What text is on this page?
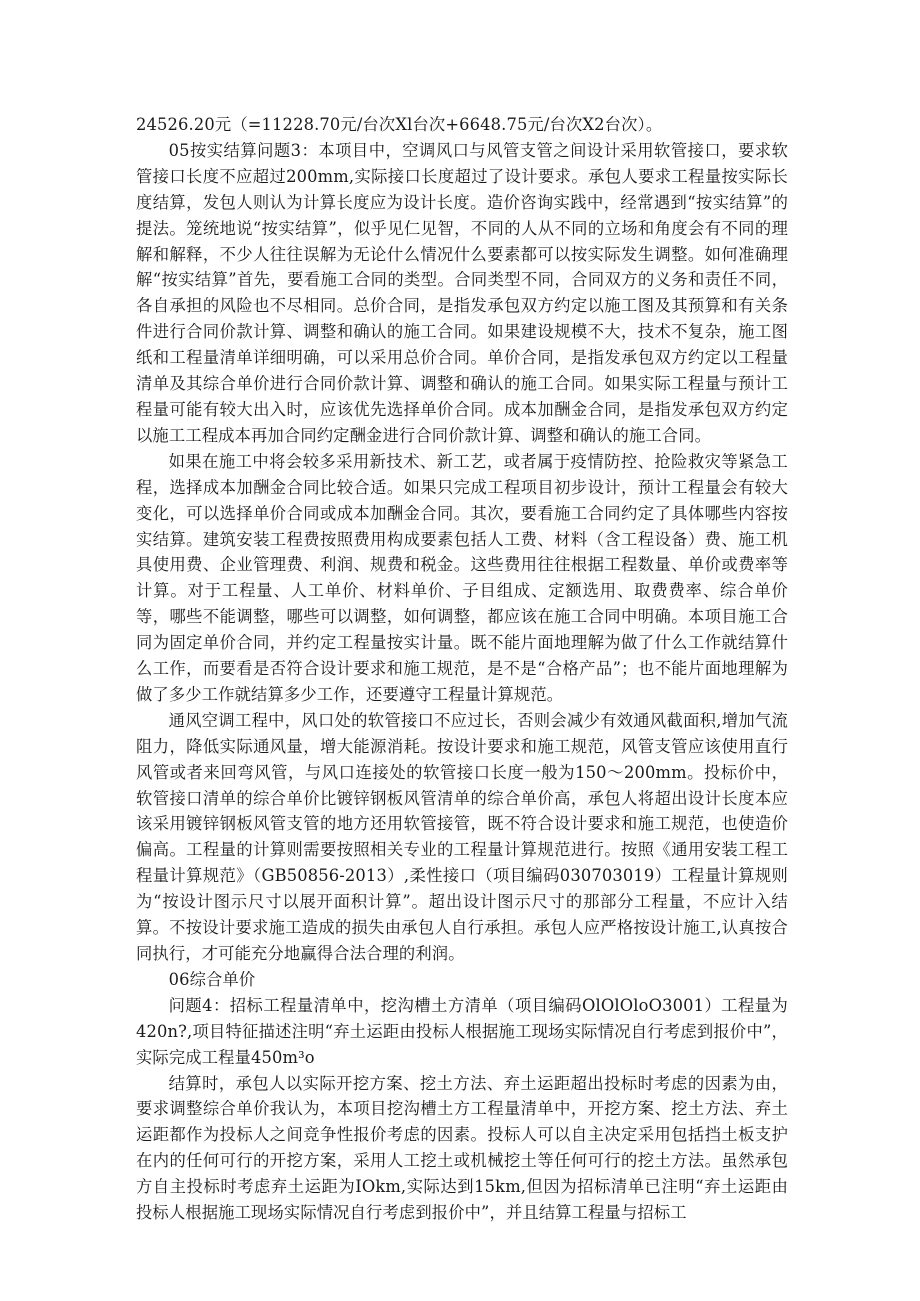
24526.20元（=11228.70元/台次Xl台次+6648.75元/台次X2台次）。

05按实结算问题3：本项目中，空调风口与风管支管之间设计采用软管接口，要求软管接口长度不应超过200mm,实际接口长度超过了设计要求。承包人要求工程量按实际长度结算，发包人则认为计算长度应为设计长度。造价咨询实践中，经常遇到“按实结算”的提法。笼统地说“按实结算”，似乎见仁见智，不同的人从不同的立场和角度会有不同的理解和解释，不少人往往误解为无论什么情况什么要素都可以按实际发生调整。如何准确理解“按实结算”首先，要看施工合同的类型。合同类型不同，合同双方的义务和责任不同，各自承担的风险也不尽相同。总价合同，是指发承包双方约定以施工图及其预算和有关条件进行合同价款计算、调整和确认的施工合同。如果建设规模不大，技术不复杂，施工图纸和工程量清单详细明确，可以采用总价合同。单价合同，是指发承包双方约定以工程量清单及其综合单价进行合同价款计算、调整和确认的施工合同。如果实际工程量与预计工程量可能有较大出入时，应该优先选择单价合同。成本加酬金合同，是指发承包双方约定以施工工程成本再加合同约定酬金进行合同价款计算、调整和确认的施工合同。

如果在施工中将会较多采用新技术、新工艺，或者属于疫情防控、抢险救灾等紧急工程，选择成本加酬金合同比较合适。如果只完成工程项目初步设计，预计工程量会有较大变化，可以选择单价合同或成本加酬金合同。其次，要看施工合同约定了具体哪些内容按实结算。建筑安装工程费按照费用构成要素包括人工费、材料（含工程设备）费、施工机具使用费、企业管理费、利润、规费和税金。这些费用往往根据工程数量、单价或费率等计算。对于工程量、人工单价、材料单价、子目组成、定额选用、取费费率、综合单价等，哪些不能调整，哪些可以调整，如何调整，都应该在施工合同中明确。本项目施工合同为固定单价合同，并约定工程量按实计量。既不能片面地理解为做了什么工作就结算什么工作，而要看是否符合设计要求和施工规范，是不是“合格产品”；也不能片面地理解为做了多少工作就结算多少工作，还要遵守工程量计算规范。

通风空调工程中，风口处的软管接口不应过长，否则会减少有效通风截面积,增加气流阻力，降低实际通风量，增大能源消耗。按设计要求和施工规范，风管支管应该使用直行风管或者来回弯风管，与风口连接处的软管接口长度一般为150～200mm。投标价中，软管接口清单的综合单价比镀锌钢板风管清单的综合单价高，承包人将超出设计长度本应该采用镀锌钢板风管支管的地方还用软管接管，既不符合设计要求和施工规范，也使造价偏高。工程量的计算则需要按照相关专业的工程量计算规范进行。按照《通用安装工程工程量计算规范》（GB50856-2013）,柔性接口（项目编码030703019）工程量计算规则为“按设计图示尺寸以展开面积计算”。超出设计图示尺寸的那部分工程量，不应计入结算。不按设计要求施工造成的损失由承包人自行承担。承包人应严格按设计施工,认真按合同执行，才可能充分地赢得合法合理的利润。

06综合单价

问题4：招标工程量清单中，挖沟槽土方清单（项目编码OlOlOloO3001）工程量为420n?,项目特征描述注明“弃土运距由投标人根据施工现场实际情况自行考虑到报价中”，实际完成工程量450m³o

结算时，承包人以实际开挖方案、挖土方法、弃土运距超出投标时考虑的因素为由，要求调整综合单价我认为，本项目挖沟槽土方工程量清单中，开挖方案、挖土方法、弃土运距都作为投标人之间竞争性报价考虑的因素。投标人可以自主决定采用包括挡土板支护在内的任何可行的开挖方案，采用人工挖土或机械挖土等任何可行的挖土方法。虽然承包方自主投标时考虑弃土运距为IOkm,实际达到15km,但因为招标清单已注明“弃土运距由投标人根据施工现场实际情况自行考虑到报价中”，并且结算工程量与招标工
